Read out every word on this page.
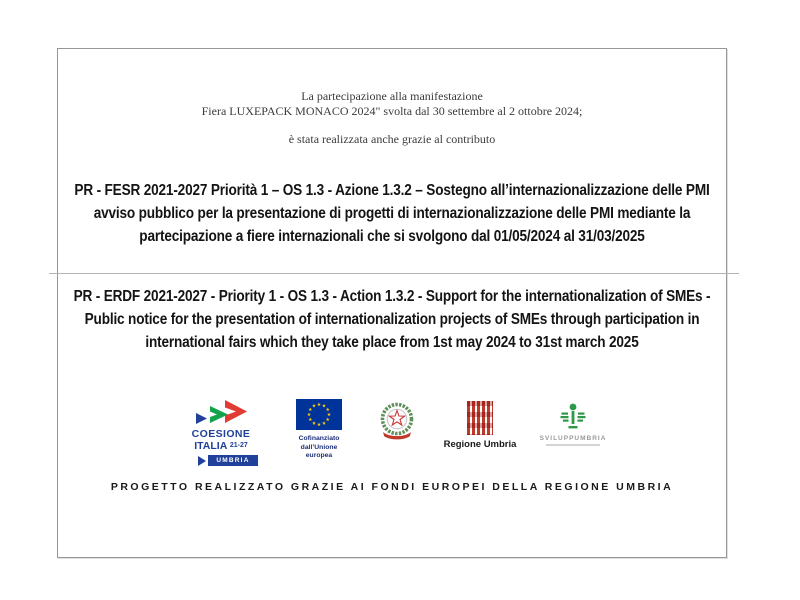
La partecipazione alla manifestazione
Fiera LUXEPACK MONACO 2024" svolta dal 30 settembre al 2 ottobre 2024;
è stata realizzata anche grazie al contributo
PR - FESR 2021-2027 Priorità 1 – OS 1.3 - Azione 1.3.2 – Sostegno all’internazionalizzazione delle PMI avviso pubblico per la presentazione di progetti di internazionalizzazione delle PMI mediante la partecipazione a fiere internazionali che si svolgono dal 01/05/2024 al 31/03/2025
PR - ERDF 2021-2027 - Priority 1 - OS 1.3 - Action 1.3.2 - Support for the internationalization of SMEs - Public notice for the presentation of internationalization projects of SMEs through participation in international fairs which they take place from 1st may 2024 to 31st march 2025
COESIONE
ITALIA 21-27
UMBRIA
Cofinanziato
dall’Unione europea
Regione Umbria
SVILUPPUMBRIA
PROGETTO REALIZZATO GRAZIE AI FONDI EUROPEI DELLA REGIONE UMBRIA
